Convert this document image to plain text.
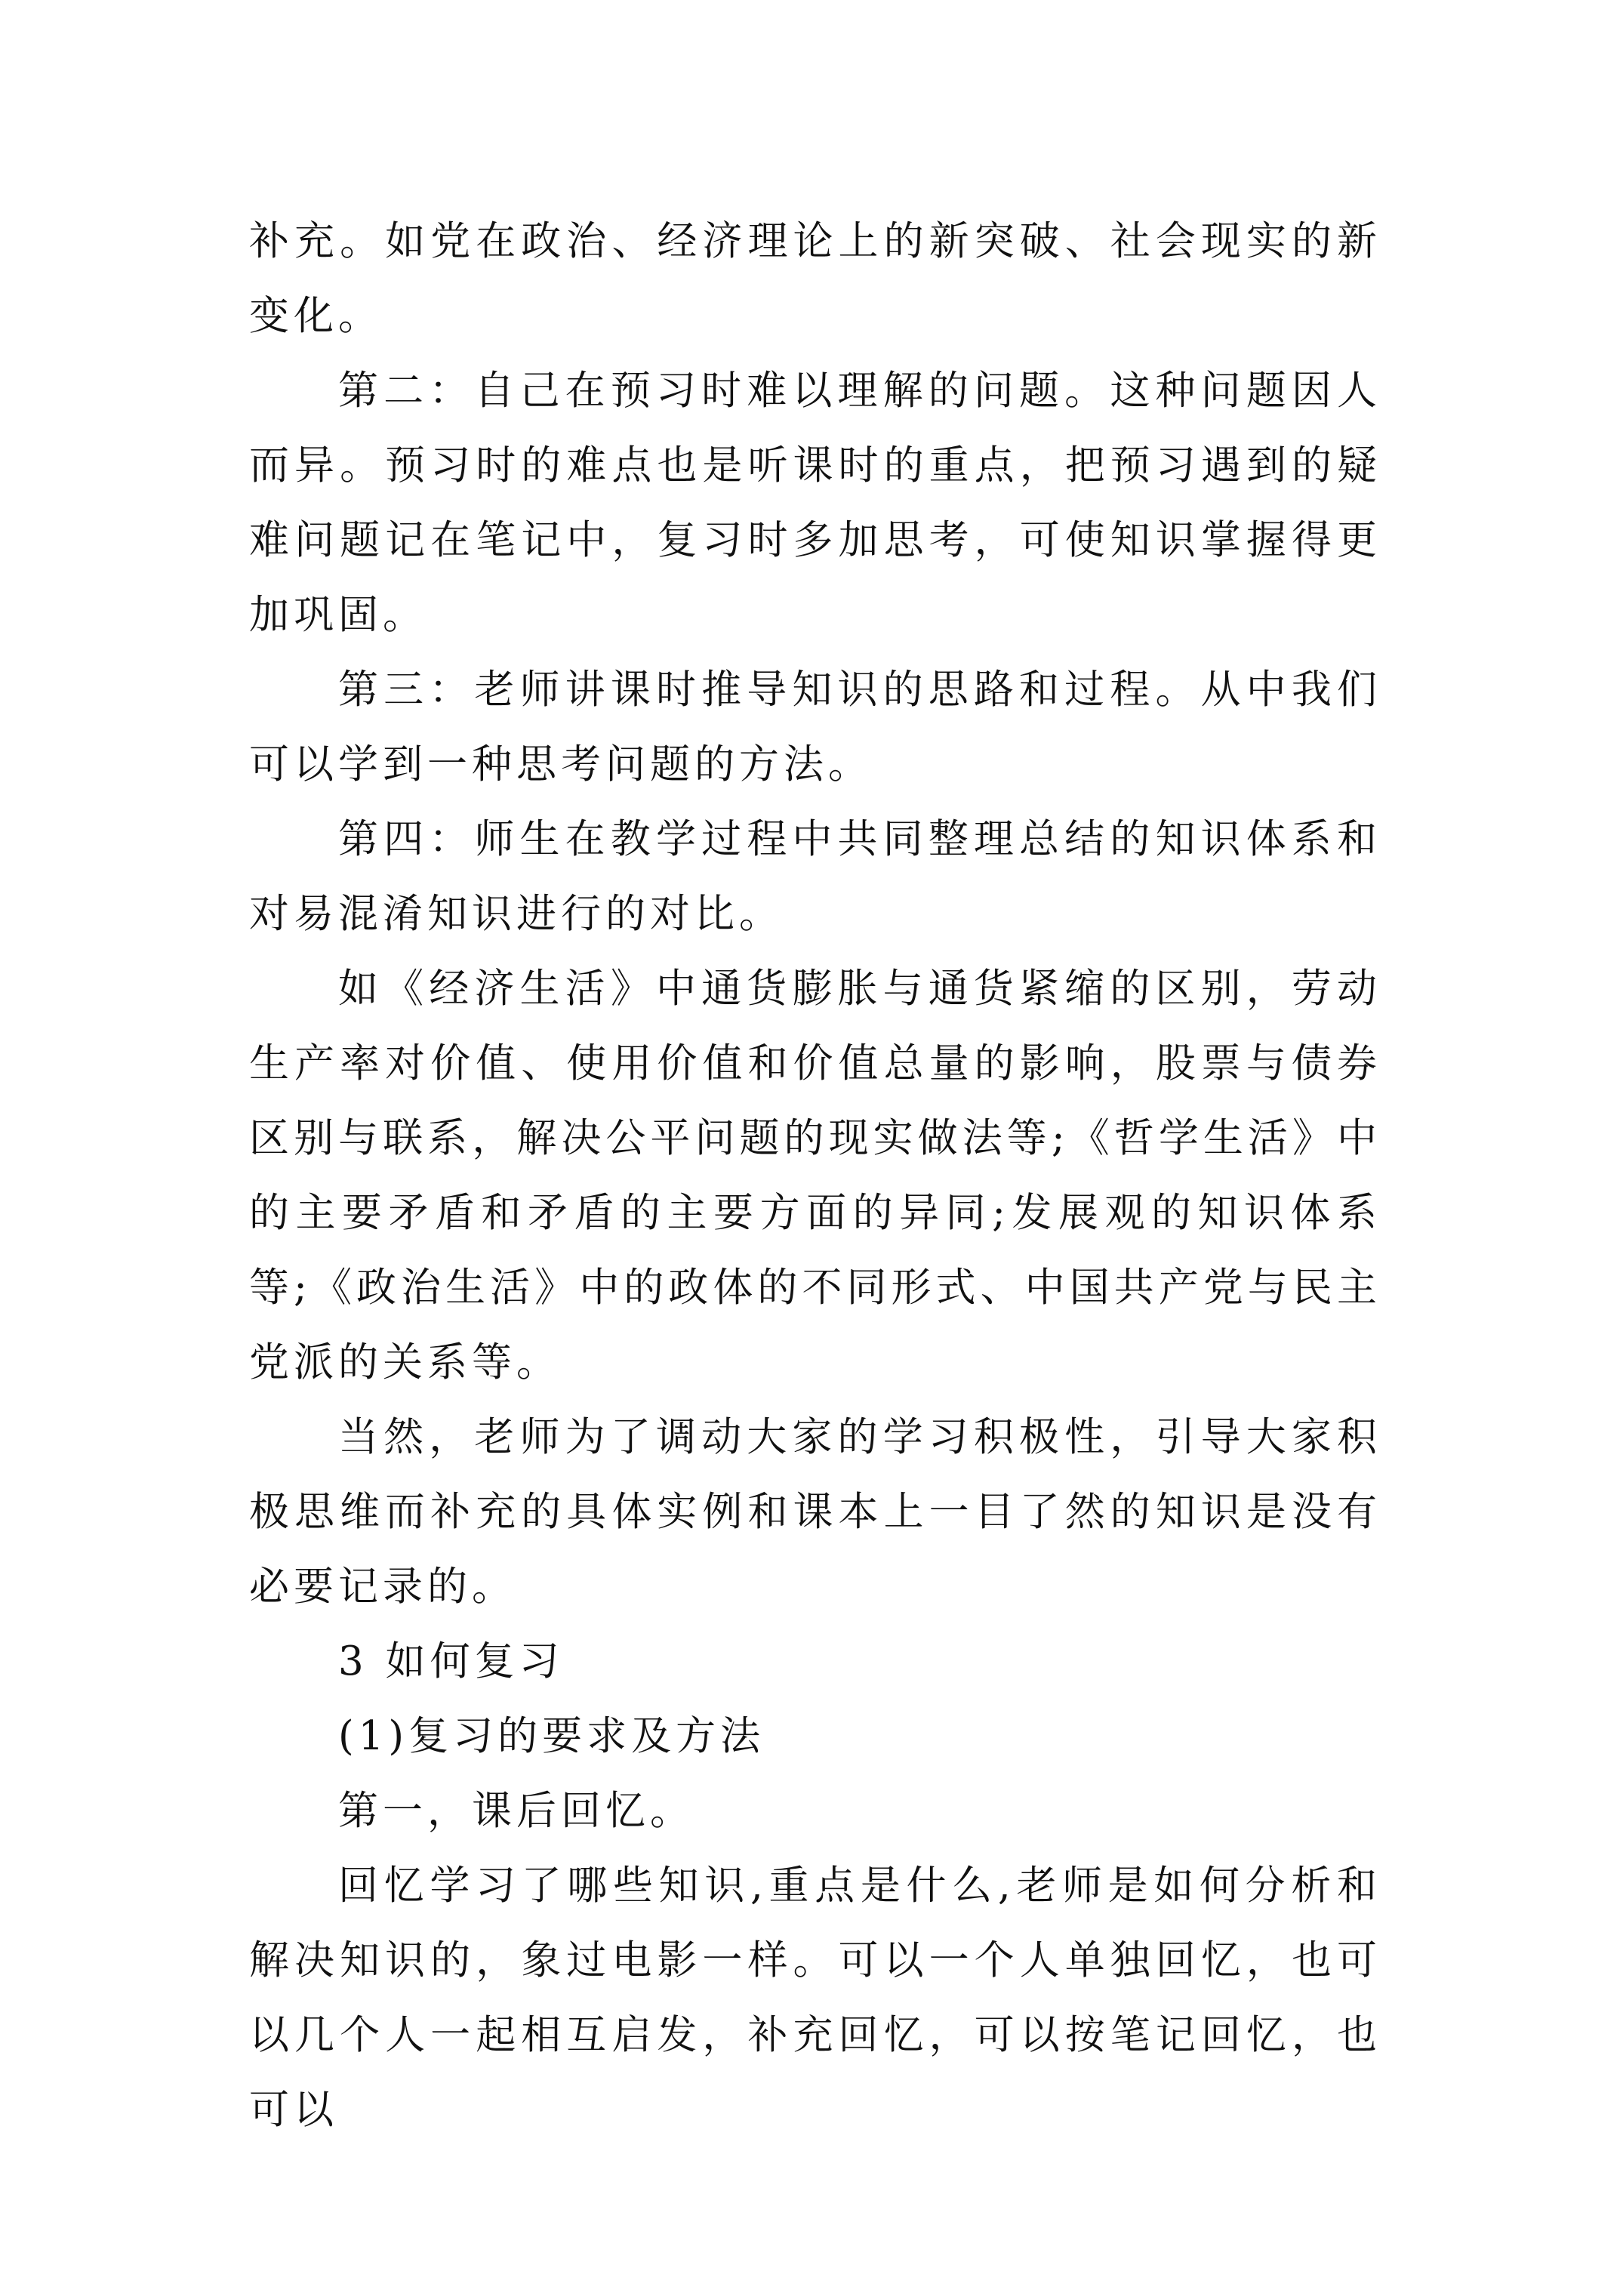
补充。如党在政治、经济理论上的新突破、社会现实的新变化。

第二：自己在预习时难以理解的问题。这种问题因人而异。预习时的难点也是听课时的重点，把预习遇到的疑难问题记在笔记中，复习时多加思考，可使知识掌握得更加巩固。

第三：老师讲课时推导知识的思路和过程。从中我们可以学到一种思考问题的方法。

第四：师生在教学过程中共同整理总结的知识体系和对易混淆知识进行的对比。

如《经济生活》中通货膨胀与通货紧缩的区别，劳动生产率对价值、使用价值和价值总量的影响，股票与债券区别与联系，解决公平问题的现实做法等;《哲学生活》中的主要矛盾和矛盾的主要方面的异同;发展观的知识体系等;《政治生活》中的政体的不同形式、中国共产党与民主党派的关系等。

当然，老师为了调动大家的学习积极性，引导大家积极思维而补充的具体实例和课本上一目了然的知识是没有必要记录的。

3 如何复习

(1)复习的要求及方法

第一，课后回忆。

回忆学习了哪些知识,重点是什么,老师是如何分析和解决知识的，象过电影一样。可以一个人单独回忆，也可以几个人一起相互启发，补充回忆，可以按笔记回忆，也可以
